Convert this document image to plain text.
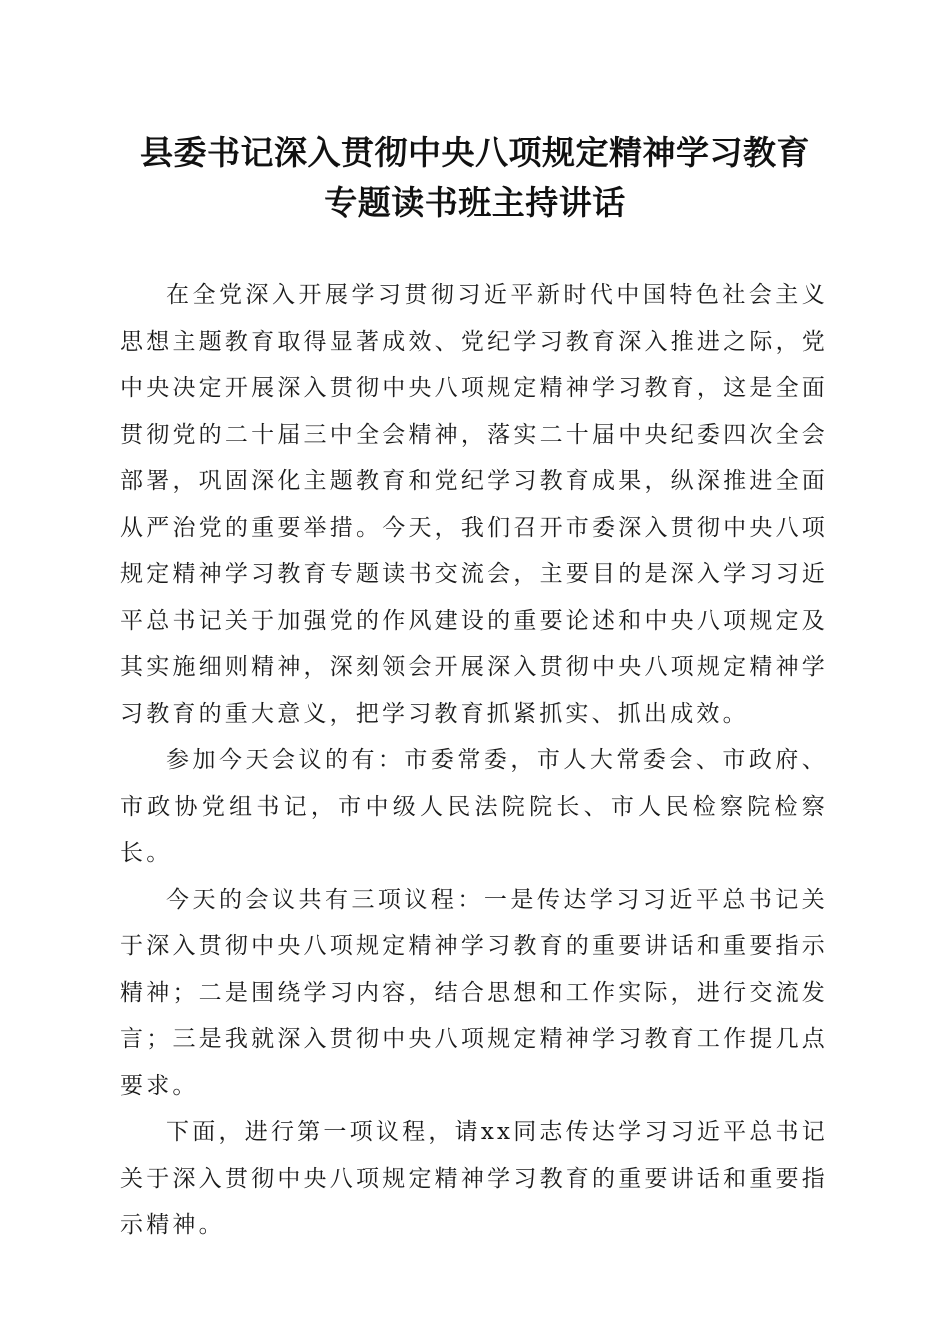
县委书记深入贯彻中央八项规定精神学习教育
专题读书班主持讲话

在全党深入开展学习贯彻习近平新时代中国特色社会主义思想主题教育取得显著成效、党纪学习教育深入推进之际，党中央决定开展深入贯彻中央八项规定精神学习教育，这是全面贯彻党的二十届三中全会精神，落实二十届中央纪委四次全会部署，巩固深化主题教育和党纪学习教育成果，纵深推进全面从严治党的重要举措。今天，我们召开市委深入贯彻中央八项规定精神学习教育专题读书交流会，主要目的是深入学习习近平总书记关于加强党的作风建设的重要论述和中央八项规定及其实施细则精神，深刻领会开展深入贯彻中央八项规定精神学习教育的重大意义，把学习教育抓紧抓实、抓出成效。

参加今天会议的有：市委常委，市人大常委会、市政府、市政协党组书记，市中级人民法院院长、市人民检察院检察长。

今天的会议共有三项议程：一是传达学习习近平总书记关于深入贯彻中央八项规定精神学习教育的重要讲话和重要指示精神；二是围绕学习内容，结合思想和工作实际，进行交流发言；三是我就深入贯彻中央八项规定精神学习教育工作提几点要求。

下面，进行第一项议程，请xx同志传达学习习近平总书记关于深入贯彻中央八项规定精神学习教育的重要讲话和重要指示精神。
